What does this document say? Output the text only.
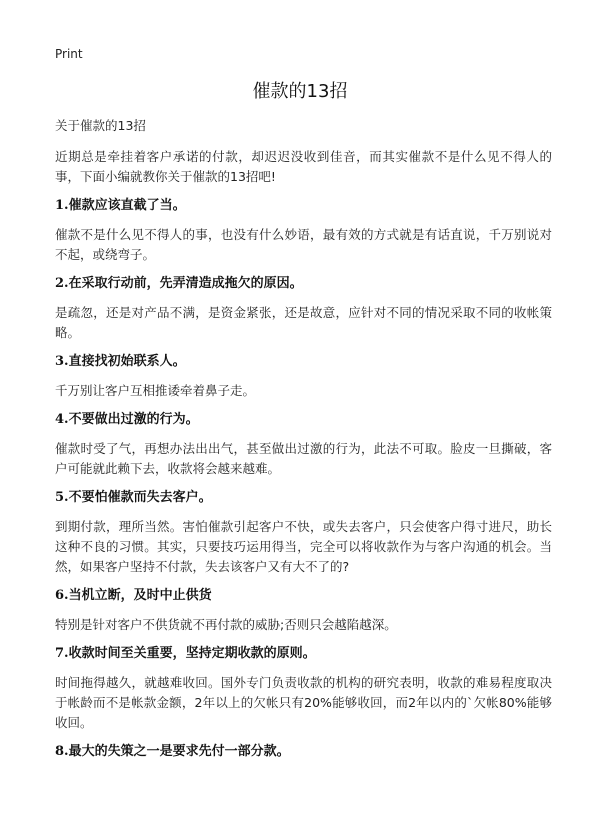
Print
催款的13招

关于催款的13招

近期总是牵挂着客户承诺的付款，却迟迟没收到佳音，而其实催款不是什么见不得人的事，下面小编就教你关于催款的13招吧!

1.催款应该直截了当。

催款不是什么见不得人的事，也没有什么妙语，最有效的方式就是有话直说，千万别说对不起，或绕弯子。

2.在采取行动前，先弄清造成拖欠的原因。

是疏忽，还是对产品不满，是资金紧张，还是故意，应针对不同的情况采取不同的收帐策略。

3.直接找初始联系人。

千万别让客户互相推诿牵着鼻子走。

4.不要做出过激的行为。

催款时受了气，再想办法出出气，甚至做出过激的行为，此法不可取。脸皮一旦撕破，客户可能就此赖下去，收款将会越来越难。

5.不要怕催款而失去客户。

到期付款，理所当然。害怕催款引起客户不快，或失去客户，只会使客户得寸进尺，助长这种不良的习惯。其实，只要技巧运用得当，完全可以将收款作为与客户沟通的机会。当然，如果客户坚持不付款，失去该客户又有大不了的?

6.当机立断，及时中止供货

特别是针对客户不供货就不再付款的威胁;否则只会越陷越深。

7.收款时间至关重要，坚持定期收款的原则。

时间拖得越久，就越难收回。国外专门负责收款的机构的研究表明，收款的难易程度取决于帐龄而不是帐款金额，2年以上的欠帐只有20%能够收回，而2年以内的`欠帐80%能够收回。

8.最大的失策之一是要求先付一部分款。
